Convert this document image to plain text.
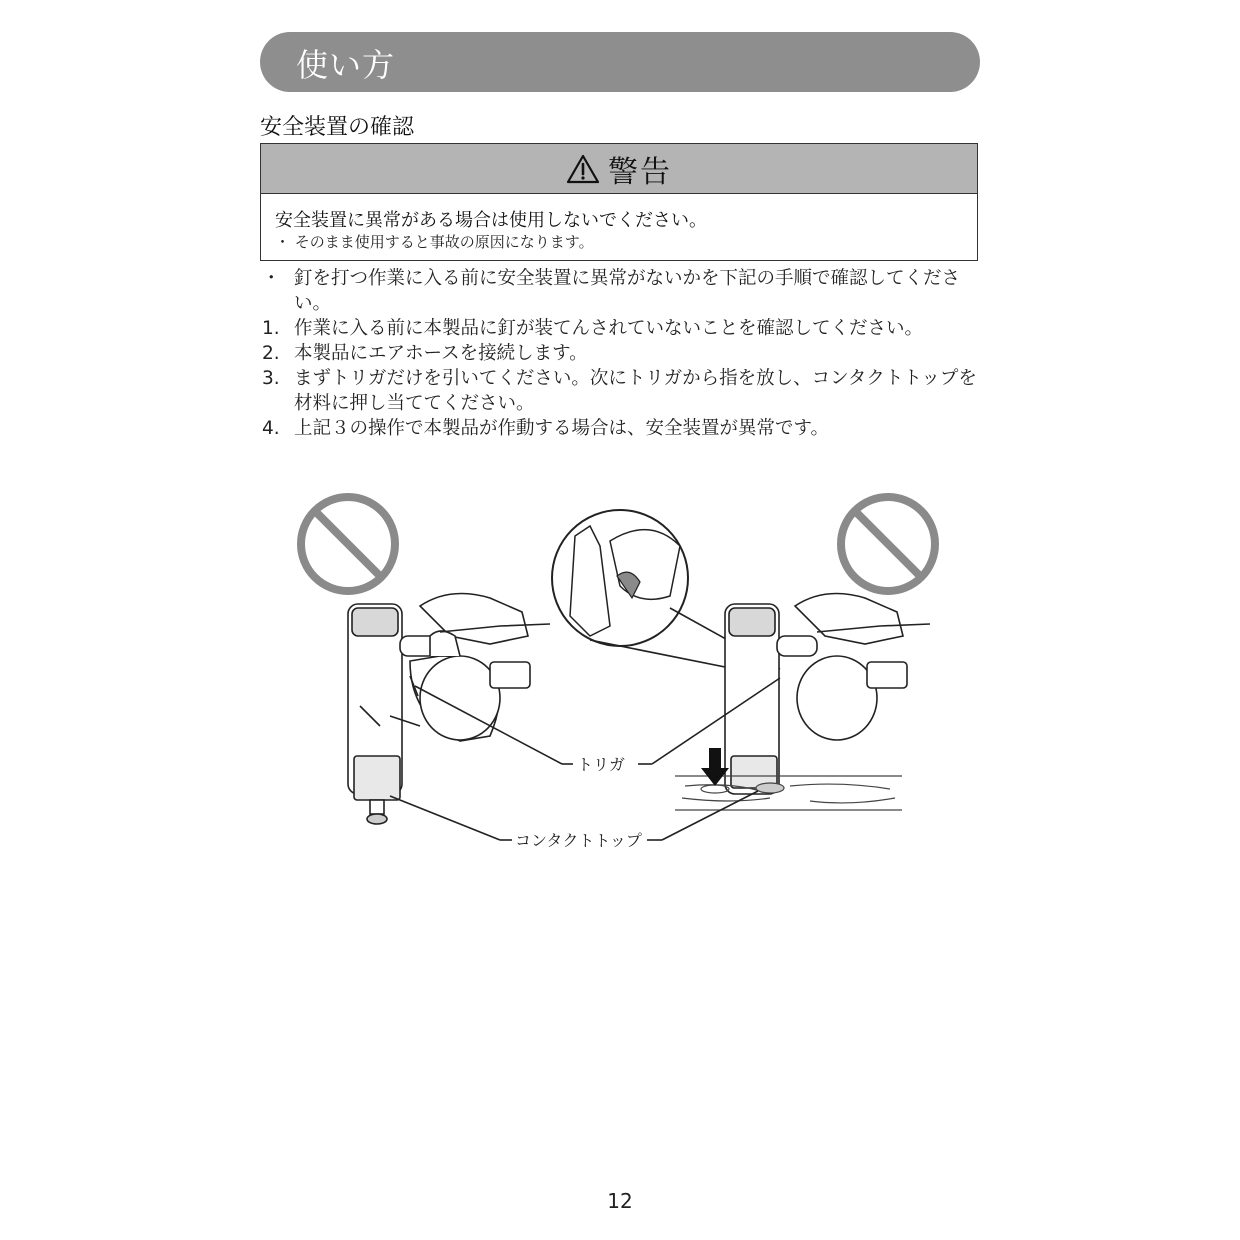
使い方
安全装置の確認
警告
安全装置に異常がある場合は使用しないでください。
・ そのまま使用すると事故の原因になります。
・ 釘を打つ作業に入る前に安全装置に異常がないかを下記の手順で確認してください。
1. 作業に入る前に本製品に釘が装てんされていないことを確認してください。
2. 本製品にエアホースを接続します。
3. まずトリガだけを引いてください。次にトリガから指を放し、コンタクトトップを材料に押し当ててください。
4. 上記３の操作で本製品が作動する場合は、安全装置が異常です。
トリガ
コンタクトトップ
12
